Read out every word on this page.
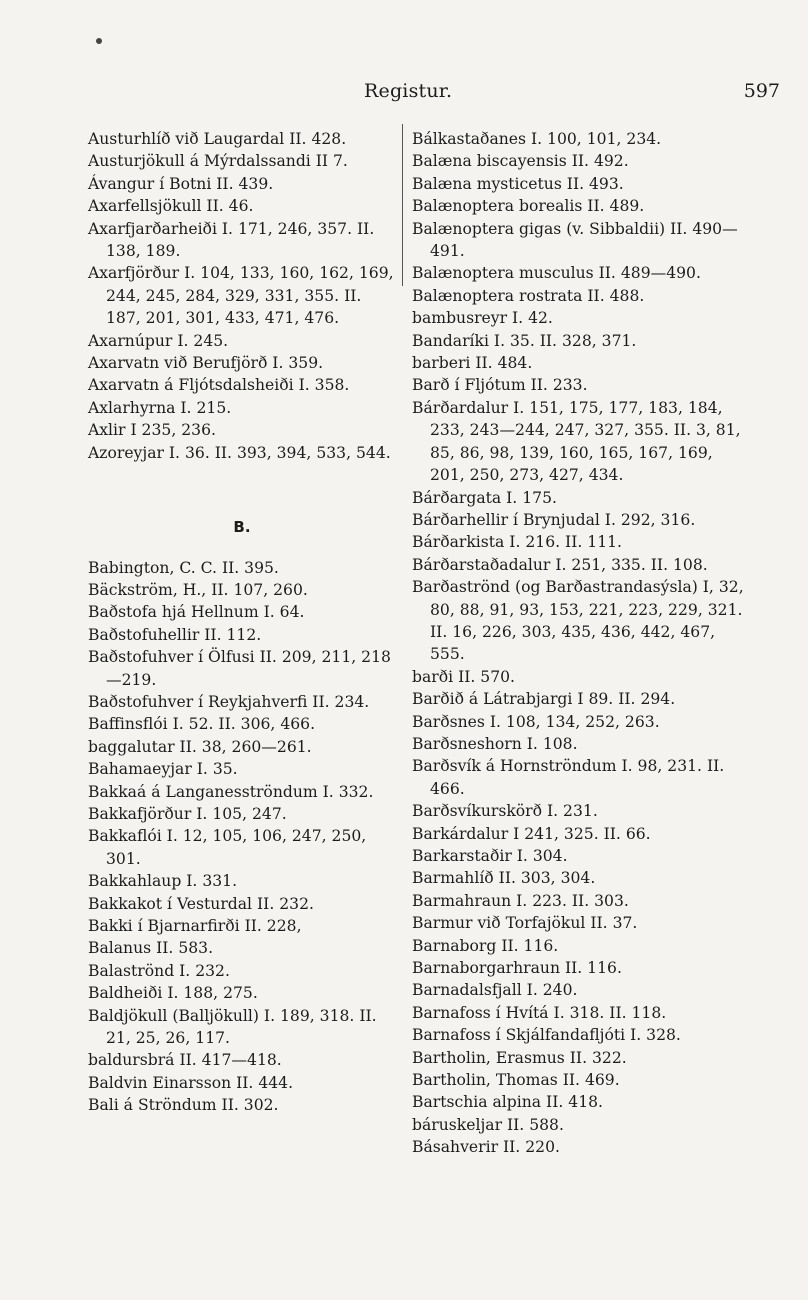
Registur.	597
Austurhlíð við Laugardal II. 428.
Austurjökull á Mýrdalssandi II 7.
Ávangur í Botni II. 439.
Axarfellsjökull II. 46.
Axarfjarðarheiði I. 171, 246, 357. II. 138, 189.
Axarfjörður I. 104, 133, 160, 162, 169, 244, 245, 284, 329, 331, 355. II. 187, 201, 301, 433, 471, 476.
Axarnúpur I. 245.
Axarvatn við Berufjörð I. 359.
Axarvatn á Fljótsdalsheiði I. 358.
Axlarhyrna I. 215.
Axlir I 235, 236.
Azoreyjar I. 36. II. 393, 394, 533, 544.
B.
Babington, C. C. II. 395.
Bäckström, H., II. 107, 260.
Baðstofa hjá Hellnum I. 64.
Baðstofuhellir II. 112.
Baðstofuhver í Ölfusi II. 209, 211, 218—219.
Baðstofuhver í Reykjahverfi II. 234.
Baffinsflói I. 52. II. 306, 466.
baggalutar II. 38, 260—261.
Bahamaeyjar I. 35.
Bakkaá á Langanesströndum I. 332.
Bakkafjörður I. 105, 247.
Bakkaflói I. 12, 105, 106, 247, 250, 301.
Bakkahlaup I. 331.
Bakkakot í Vesturdal II. 232.
Bakki í Bjarnarfirði II. 228,
Balanus II. 583.
Balaströnd I. 232.
Baldheiði I. 188, 275.
Baldjökull (Balljökull) I. 189, 318. II. 21, 25, 26, 117.
baldursbrá II. 417—418.
Baldvin Einarsson II. 444.
Bali á Ströndum II. 302.
Bálkastaðanes I. 100, 101, 234.
Balæna biscayensis II. 492.
Balæna mysticetus II. 493.
Balænoptera borealis II. 489.
Balænoptera gigas (v. Sibbaldii) II. 490—491.
Balænoptera musculus II. 489—490.
Balænoptera rostrata II. 488.
bambusreyr I. 42.
Bandaríki I. 35. II. 328, 371.
barberi II. 484.
Barð í Fljótum II. 233.
Bárðardalur I. 151, 175, 177, 183, 184, 233, 243—244, 247, 327, 355. II. 3, 81, 85, 86, 98, 139, 160, 165, 167, 169, 201, 250, 273, 427, 434.
Bárðargata I. 175.
Bárðarhellir í Brynjudal I. 292, 316.
Bárðarkista I. 216. II. 111.
Bárðarstaðadalur I. 251, 335. II. 108.
Barðaströnd (og Barðastrandasýsla) I, 32, 80, 88, 91, 93, 153, 221, 223, 229, 321. II. 16, 226, 303, 435, 436, 442, 467, 555.
barði II. 570.
Barðið á Látrabjargi I 89. II. 294.
Barðsnes I. 108, 134, 252, 263.
Barðsneshorn I. 108.
Barðsvík á Hornströndum I. 98, 231. II. 466.
Barðsvíkurskörð I. 231.
Barkárdalur I 241, 325. II. 66.
Barkarstaðir I. 304.
Barmahlíð II. 303, 304.
Barmahraun I. 223. II. 303.
Barmur við Torfajökul II. 37.
Barnaborg II. 116.
Barnaborgarhraun II. 116.
Barnadalsfjall I. 240.
Barnafoss í Hvítá I. 318. II. 118.
Barnafoss í Skjálfandafljóti I. 328.
Bartholin, Erasmus II. 322.
Bartholin, Thomas II. 469.
Bartschia alpina II. 418.
báruskeljar II. 588.
Básahverir II. 220.
